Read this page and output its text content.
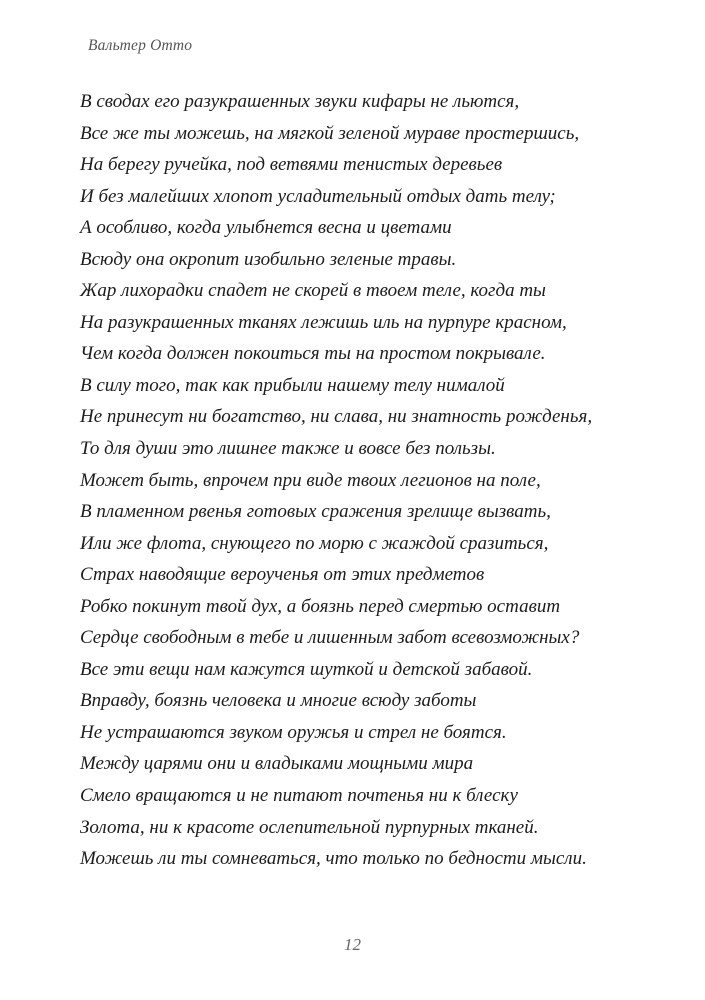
Вальтер Отто
В сводах его разукрашенных звуки кифары не льются,
Все же ты можешь, на мягкой зеленой мураве простершись,
На берегу ручейка, под ветвями тенистых деревьев
И без малейших хлопот усладительный отдых дать телу;
А особливо, когда улыбнется весна и цветами
Всюду она окропит изобильно зеленые травы.
Жар лихорадки спадет не скорей в твоем теле, когда ты
На разукрашенных тканях лежишь иль на пурпуре красном,
Чем когда должен покоиться ты на простом покрывале.
В силу того, так как прибыли нашему телу нималой
Не принесут ни богатство, ни слава, ни знатность рожденья,
То для души это лишнее также и вовсе без пользы.
Может быть, впрочем при виде твоих легионов на поле,
В пламенном рвенья готовых сражения зрелище вызвать,
Или же флота, снующего по морю с жаждой сразиться,
Страх наводящие вероученья от этих предметов
Робко покинут твой дух, а боязнь перед смертью оставит
Сердце свободным в тебе и лишенным забот всевозможных?
Все эти вещи нам кажутся шуткой и детской забавой.
Вправду, боязнь человека и многие всюду заботы
Не устрашаются звуком оружья и стрел не боятся.
Между царями они и владыками мощными мира
Смело вращаются и не питают почтенья ни к блеску
Золота, ни к красоте ослепительной пурпурных тканей.
Можешь ли ты сомневаться, что только по бедности мысли.
12
